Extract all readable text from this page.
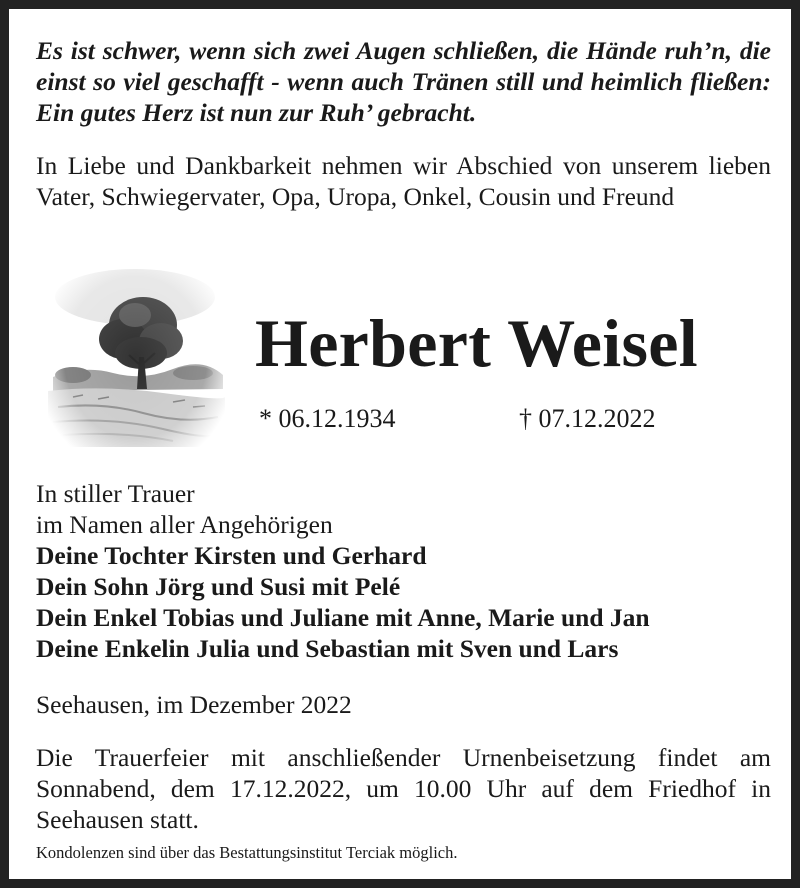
Es ist schwer, wenn sich zwei Augen schließen, die Hände ruh’n, die einst so viel geschafft - wenn auch Tränen still und heimlich fließen: Ein gutes Herz ist nun zur Ruh’ gebracht.
In Liebe und Dankbarkeit nehmen wir Abschied von unserem lieben Vater, Schwiegervater, Opa, Uropa, Onkel, Cousin und Freund
Herbert Weisel
* 06.12.1934	† 07.12.2022
In stiller Trauer
im Namen aller Angehörigen
Deine Tochter Kirsten und Gerhard
Dein Sohn Jörg und Susi mit Pelé
Dein Enkel Tobias und Juliane mit Anne, Marie und Jan
Deine Enkelin Julia und Sebastian mit Sven und Lars
Seehausen, im Dezember 2022
Die Trauerfeier mit anschließender Urnenbeisetzung findet am Sonnabend, dem 17.12.2022, um 10.00 Uhr auf dem Friedhof in Seehausen statt.
Kondolenzen sind über das Bestattungsinstitut Terciak möglich.
